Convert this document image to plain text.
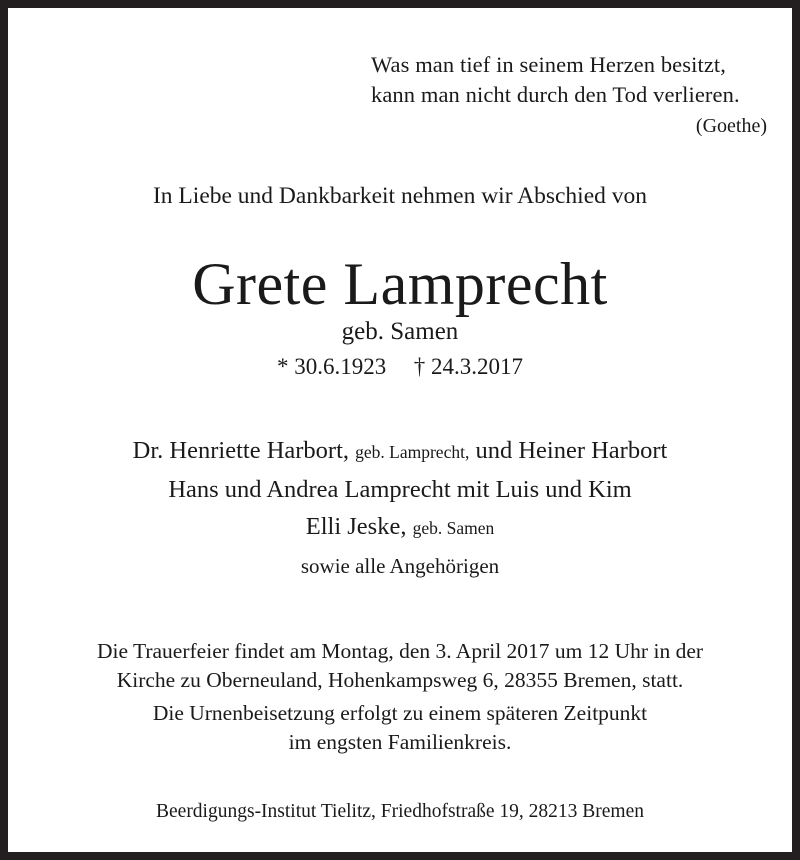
Was man tief in seinem Herzen besitzt,
kann man nicht durch den Tod verlieren.
(Goethe)
In Liebe und Dankbarkeit nehmen wir Abschied von
Grete Lamprecht
geb. Samen
* 30.6.1923 † 24.3.2017
Dr. Henriette Harbort, geb. Lamprecht, und Heiner Harbort
Hans und Andrea Lamprecht mit Luis und Kim
Elli Jeske, geb. Samen
sowie alle Angehörigen
Die Trauerfeier findet am Montag, den 3. April 2017 um 12 Uhr in der
Kirche zu Oberneuland, Hohenkampsweg 6, 28355 Bremen, statt.
Die Urnenbeisetzung erfolgt zu einem späteren Zeitpunkt
im engsten Familienkreis.
Beerdigungs-Institut Tielitz, Friedhofstraße 19, 28213 Bremen
